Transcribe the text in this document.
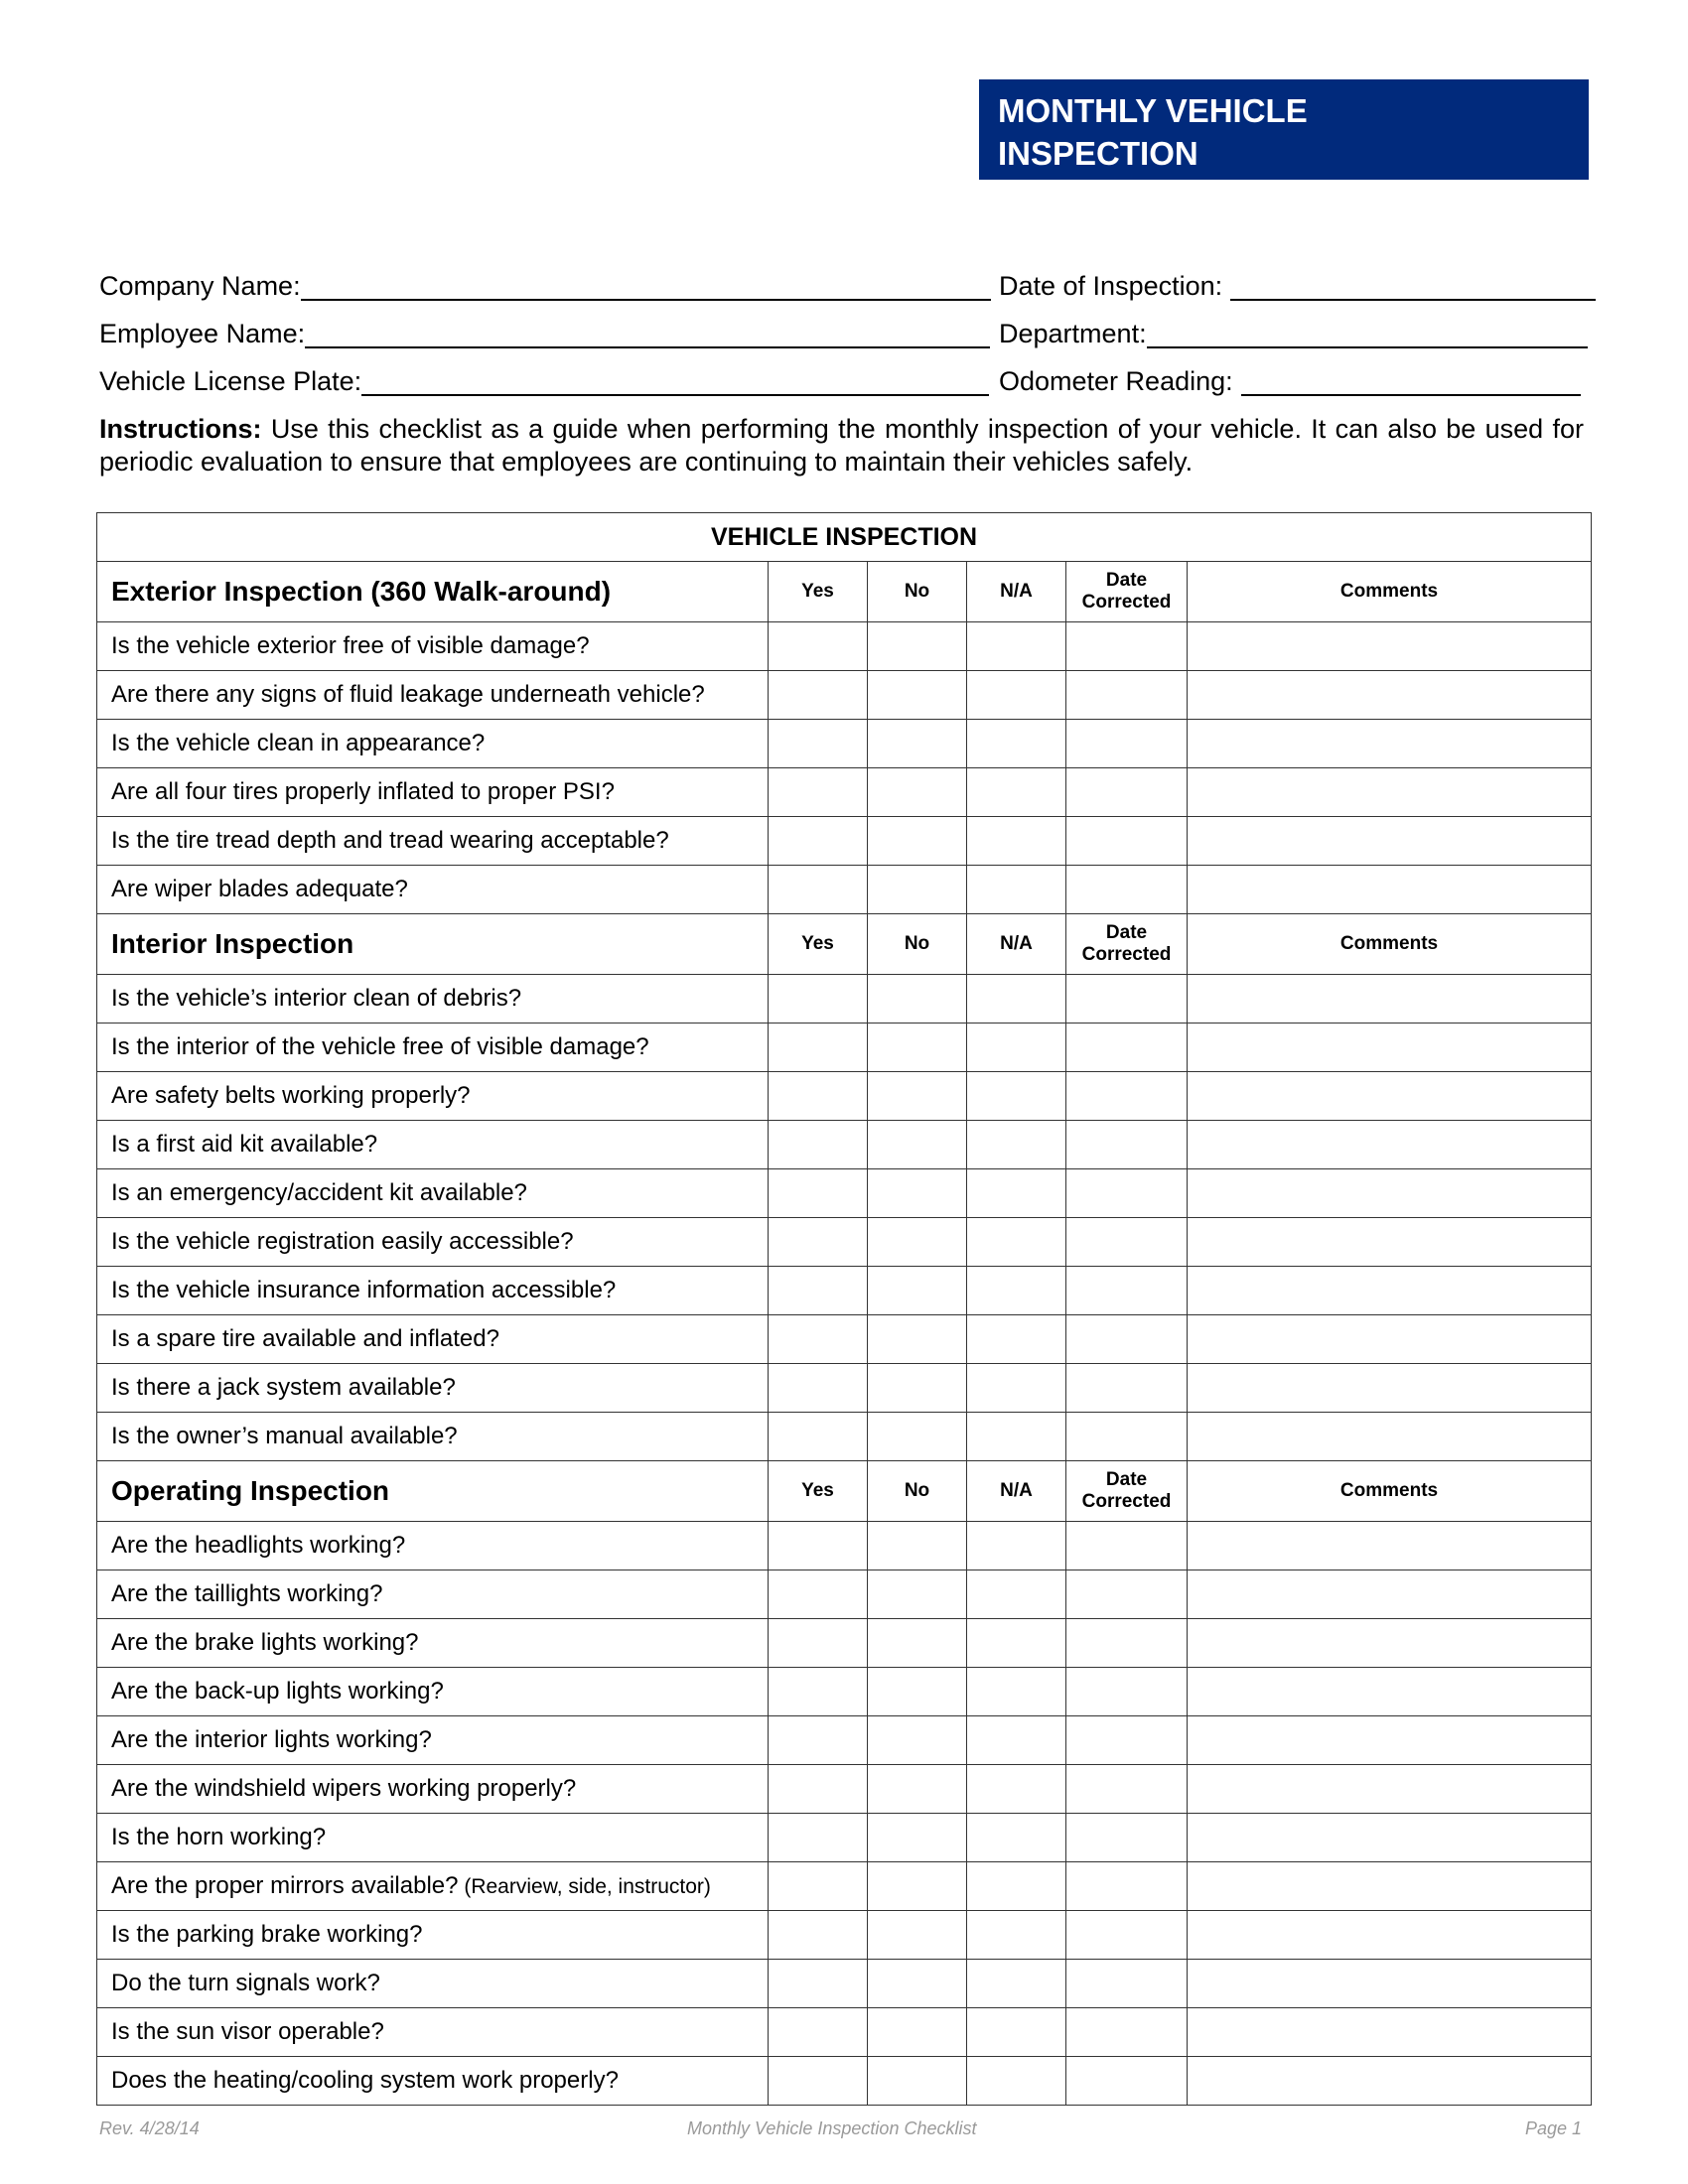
MONTHLY VEHICLE
INSPECTION
Company Name:	Date of Inspection:
Employee Name:	Department:
Vehicle License Plate:	Odometer Reading:
Instructions: Use this checklist as a guide when performing the monthly inspection of your vehicle. It can also be used for periodic evaluation to ensure that employees are continuing to maintain their vehicles safely.
VEHICLE INSPECTION					
Exterior Inspection (360 Walk-around)	Yes	No	N/A	Date Corrected	Comments
Is the vehicle exterior free of visible damage?					
Are there any signs of fluid leakage underneath vehicle?					
Is the vehicle clean in appearance?					
Are all four tires properly inflated to proper PSI?					
Is the tire tread depth and tread wearing acceptable?					
Are wiper blades adequate?					
Interior Inspection	Yes	No	N/A	Date Corrected	Comments
Is the vehicle’s interior clean of debris?					
Is the interior of the vehicle free of visible damage?					
Are safety belts working properly?					
Is a first aid kit available?					
Is an emergency/accident kit available?					
Is the vehicle registration easily accessible?					
Is the vehicle insurance information accessible?					
Is a spare tire available and inflated?					
Is there a jack system available?					
Is the owner’s manual available?					
Operating Inspection	Yes	No	N/A	Date Corrected	Comments
Are the headlights working?					
Are the taillights working?					
Are the brake lights working?					
Are the back-up lights working?					
Are the interior lights working?					
Are the windshield wipers working properly?					
Is the horn working?					
Are the proper mirrors available? (Rearview, side, instructor)					
Is the parking brake working?					
Do the turn signals work?					
Is the sun visor operable?					
Does the heating/cooling system work properly?					
Rev. 4/28/14	Monthly Vehicle Inspection Checklist	Page 1
